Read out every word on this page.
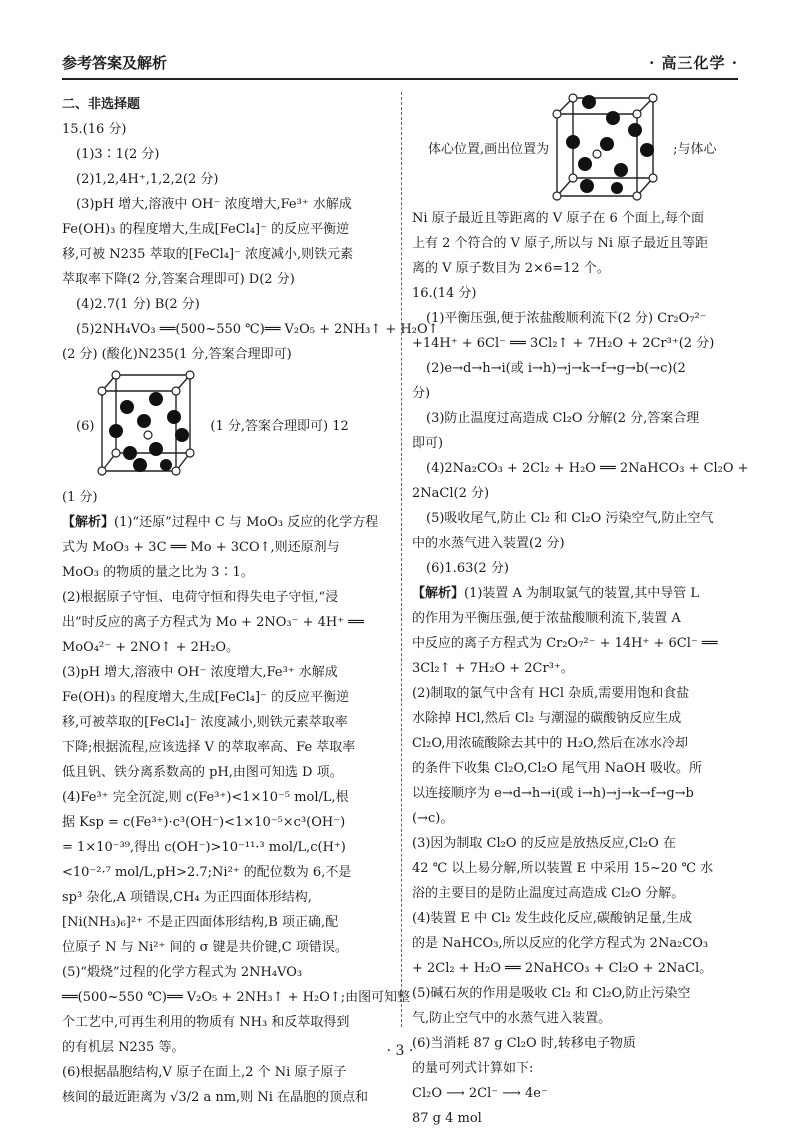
参考答案及解析	· 高三化学 ·
二、非选择题
15.(16 分)
(1)3∶1(2 分)
(2)1,2,4H⁺,1,2,2(2 分)
(3)pH 增大,溶液中 OH⁻ 浓度增大,Fe³⁺ 水解成
Fe(OH)₃ 的程度增大,生成[FeCl₄]⁻ 的反应平衡逆
移,可被 N235 萃取的[FeCl₄]⁻ 浓度减小,则铁元素
萃取率下降(2 分,答案合理即可) D(2 分)
(4)2.7(1 分) B(2 分)
(5)2NH₄VO₃ ══(500~550 ℃)══ V₂O₅ + 2NH₃↑ + H₂O↑
(2 分) (酸化)N235(1 分,答案合理即可)
(6)	(1 分,答案合理即可) 12
(1 分)
【解析】(1)“还原”过程中 C 与 MoO₃ 反应的化学方程
式为 MoO₃ + 3C ══ Mo + 3CO↑,则还原剂与
MoO₃ 的物质的量之比为 3∶1。
(2)根据原子守恒、电荷守恒和得失电子守恒,“浸
出”时反应的离子方程式为 Mo + 2NO₃⁻ + 4H⁺ ══
MoO₄²⁻ + 2NO↑ + 2H₂O。
(3)pH 增大,溶液中 OH⁻ 浓度增大,Fe³⁺ 水解成
Fe(OH)₃ 的程度增大,生成[FeCl₄]⁻ 的反应平衡逆
移,可被萃取的[FeCl₄]⁻ 浓度减小,则铁元素萃取率
下降;根据流程,应该选择 V 的萃取率高、Fe 萃取率
低且钒、铁分离系数高的 pH,由图可知选 D 项。
(4)Fe³⁺ 完全沉淀,则 c(Fe³⁺)<1×10⁻⁵ mol/L,根
据 Ksp = c(Fe³⁺)·c³(OH⁻)<1×10⁻⁵×c³(OH⁻)
= 1×10⁻³⁹,得出 c(OH⁻)>10⁻¹¹·³ mol/L,c(H⁺)
<10⁻²·⁷ mol/L,pH>2.7;Ni²⁺ 的配位数为 6,不是
sp³ 杂化,A 项错误,CH₄ 为正四面体形结构,
[Ni(NH₃)₆]²⁺ 不是正四面体形结构,B 项正确,配
位原子 N 与 Ni²⁺ 间的 σ 键是共价键,C 项错误。
(5)“煅烧”过程的化学方程式为 2NH₄VO₃
══(500~550 ℃)══ V₂O₅ + 2NH₃↑ + H₂O↑;由图可知整
个工艺中,可再生利用的物质有 NH₃ 和反萃取得到
的有机层 N235 等。
(6)根据晶胞结构,V 原子在面上,2 个 Ni 原子原子
核间的最近距离为 √3/2 a nm,则 Ni 在晶胞的顶点和
体心位置,画出位置为	;与体心
Ni 原子最近且等距离的 V 原子在 6 个面上,每个面
上有 2 个符合的 V 原子,所以与 Ni 原子最近且等距
离的 V 原子数目为 2×6=12 个。
16.(14 分)
(1)平衡压强,便于浓盐酸顺利流下(2 分) Cr₂O₇²⁻
+14H⁺ + 6Cl⁻ ══ 3Cl₂↑ + 7H₂O + 2Cr³⁺(2 分)
(2)e→d→h→i(或 i→h)→j→k→f→g→b(→c)(2
分)
(3)防止温度过高造成 Cl₂O 分解(2 分,答案合理
即可)
(4)2Na₂CO₃ + 2Cl₂ + H₂O ══ 2NaHCO₃ + Cl₂O +
2NaCl(2 分)
(5)吸收尾气,防止 Cl₂ 和 Cl₂O 污染空气,防止空气
中的水蒸气进入装置(2 分)
(6)1.63(2 分)
【解析】(1)装置 A 为制取氯气的装置,其中导管 L
的作用为平衡压强,便于浓盐酸顺利流下,装置 A
中反应的离子方程式为 Cr₂O₇²⁻ + 14H⁺ + 6Cl⁻ ══
3Cl₂↑ + 7H₂O + 2Cr³⁺。
(2)制取的氯气中含有 HCl 杂质,需要用饱和食盐
水除掉 HCl,然后 Cl₂ 与潮湿的碳酸钠反应生成
Cl₂O,用浓硫酸除去其中的 H₂O,然后在冰水冷却
的条件下收集 Cl₂O,Cl₂O 尾气用 NaOH 吸收。所
以连接顺序为 e→d→h→i(或 i→h)→j→k→f→g→b
(→c)。
(3)因为制取 Cl₂O 的反应是放热反应,Cl₂O 在
42 ℃ 以上易分解,所以装置 E 中采用 15~20 ℃ 水
浴的主要目的是防止温度过高造成 Cl₂O 分解。
(4)装置 E 中 Cl₂ 发生歧化反应,碳酸钠足量,生成
的是 NaHCO₃,所以反应的化学方程式为 2Na₂CO₃
+ 2Cl₂ + H₂O ══ 2NaHCO₃ + Cl₂O + 2NaCl。
(5)碱石灰的作用是吸收 Cl₂ 和 Cl₂O,防止污染空
气,防止空气中的水蒸气进入装置。
(6)当消耗 87 g Cl₂O 时,转移电子物质
的量可列式计算如下:
Cl₂O ⟶ 2Cl⁻ ⟶ 4e⁻
87 g 4 mol
· 3 ·
